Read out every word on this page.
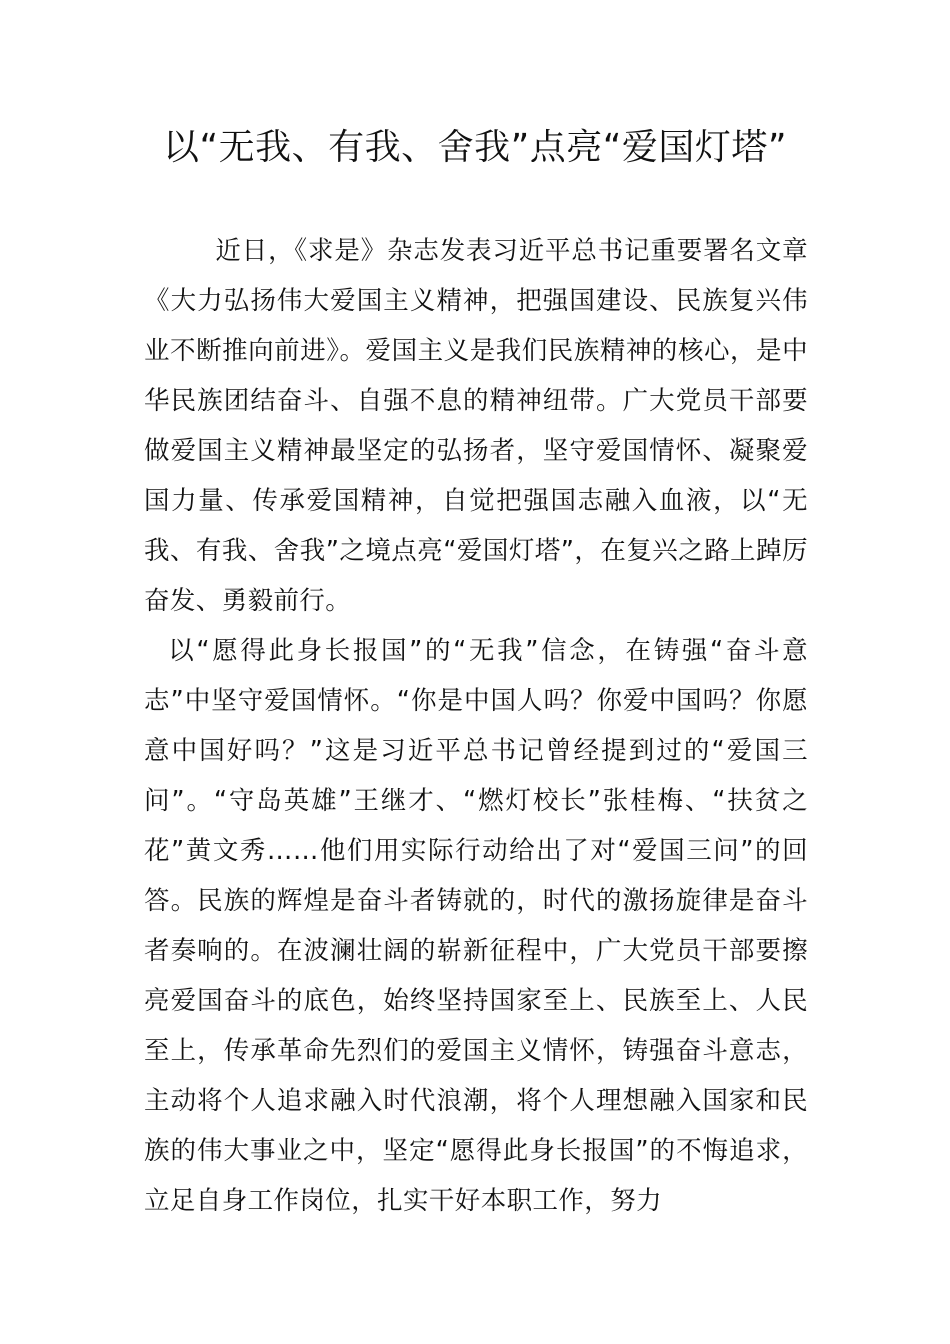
以“无我、有我、舍我”点亮“爱国灯塔”

近日，《求是》杂志发表习近平总书记重要署名文章《大力弘扬伟大爱国主义精神，把强国建设、民族复兴伟业不断推向前进》。爱国主义是我们民族精神的核心，是中华民族团结奋斗、自强不息的精神纽带。广大党员干部要做爱国主义精神最坚定的弘扬者，坚守爱国情怀、凝聚爱国力量、传承爱国精神，自觉把强国志融入血液，以“无我、有我、舍我”之境点亮“爱国灯塔”，在复兴之路上踔厉奋发、勇毅前行。

以“愿得此身长报国”的“无我”信念，在铸强“奋斗意志”中坚守爱国情怀。“你是中国人吗？你爱中国吗？你愿意中国好吗？”这是习近平总书记曾经提到过的“爱国三问”。“守岛英雄”王继才、“燃灯校长”张桂梅、“扶贫之花”黄文秀……他们用实际行动给出了对“爱国三问”的回答。民族的辉煌是奋斗者铸就的，时代的激扬旋律是奋斗者奏响的。在波澜壮阔的崭新征程中，广大党员干部要擦亮爱国奋斗的底色，始终坚持国家至上、民族至上、人民至上，传承革命先烈们的爱国主义情怀，铸强奋斗意志，主动将个人追求融入时代浪潮，将个人理想融入国家和民族的伟大事业之中，坚定“愿得此身长报国”的不悔追求，立足自身工作岗位，扎实干好本职工作，努力
